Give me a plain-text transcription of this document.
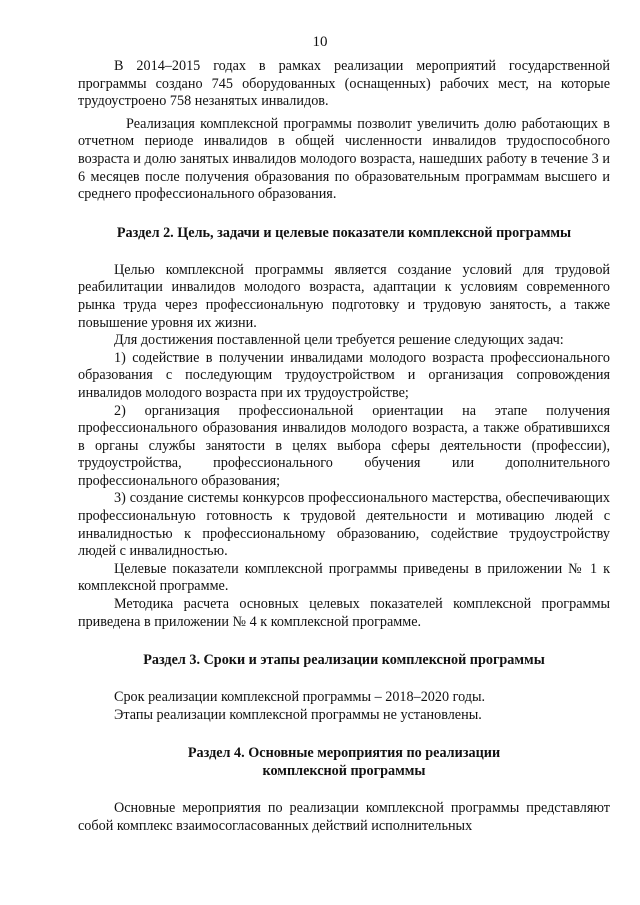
10

В 2014–2015 годах в рамках реализации мероприятий государственной программы создано 745 оборудованных (оснащенных) рабочих мест, на которые трудоустроено 758 незанятых инвалидов.

Реализация комплексной программы позволит увеличить долю работающих в отчетном периоде инвалидов в общей численности инвалидов трудоспособного возраста и долю занятых инвалидов молодого возраста, нашедших работу в течение 3 и 6 месяцев после получения образования по образовательным программам высшего и среднего профессионального образования.

Раздел 2. Цель, задачи и целевые показатели комплексной программы

Целью комплексной программы является создание условий для трудовой реабилитации инвалидов молодого возраста, адаптации к условиям современного рынка труда через профессиональную подготовку и трудовую занятость, а также повышение уровня их жизни.

Для достижения поставленной цели требуется решение следующих задач:

1) содействие в получении инвалидами молодого возраста профессионального образования с последующим трудоустройством и организация сопровождения инвалидов молодого возраста при их трудоустройстве;

2) организация профессиональной ориентации на этапе получения профессионального образования инвалидов молодого возраста, а также обратившихся в органы службы занятости в целях выбора сферы деятельности (профессии), трудоустройства, профессионального обучения или дополнительного профессионального образования;

3) создание системы конкурсов профессионального мастерства, обеспечивающих профессиональную готовность к трудовой деятельности и мотивацию людей с инвалидностью к профессиональному образованию, содействие трудоустройству людей с инвалидностью.

Целевые показатели комплексной программы приведены в приложении № 1 к комплексной программе.

Методика расчета основных целевых показателей комплексной программы приведена в приложении № 4 к комплексной программе.

Раздел 3. Сроки и этапы реализации комплексной программы

Срок реализации комплексной программы – 2018–2020 годы.

Этапы реализации комплексной программы не установлены.

Раздел 4. Основные мероприятия по реализации
комплексной программы

Основные мероприятия по реализации комплексной программы представляют собой комплекс взаимосогласованных действий исполнительных
